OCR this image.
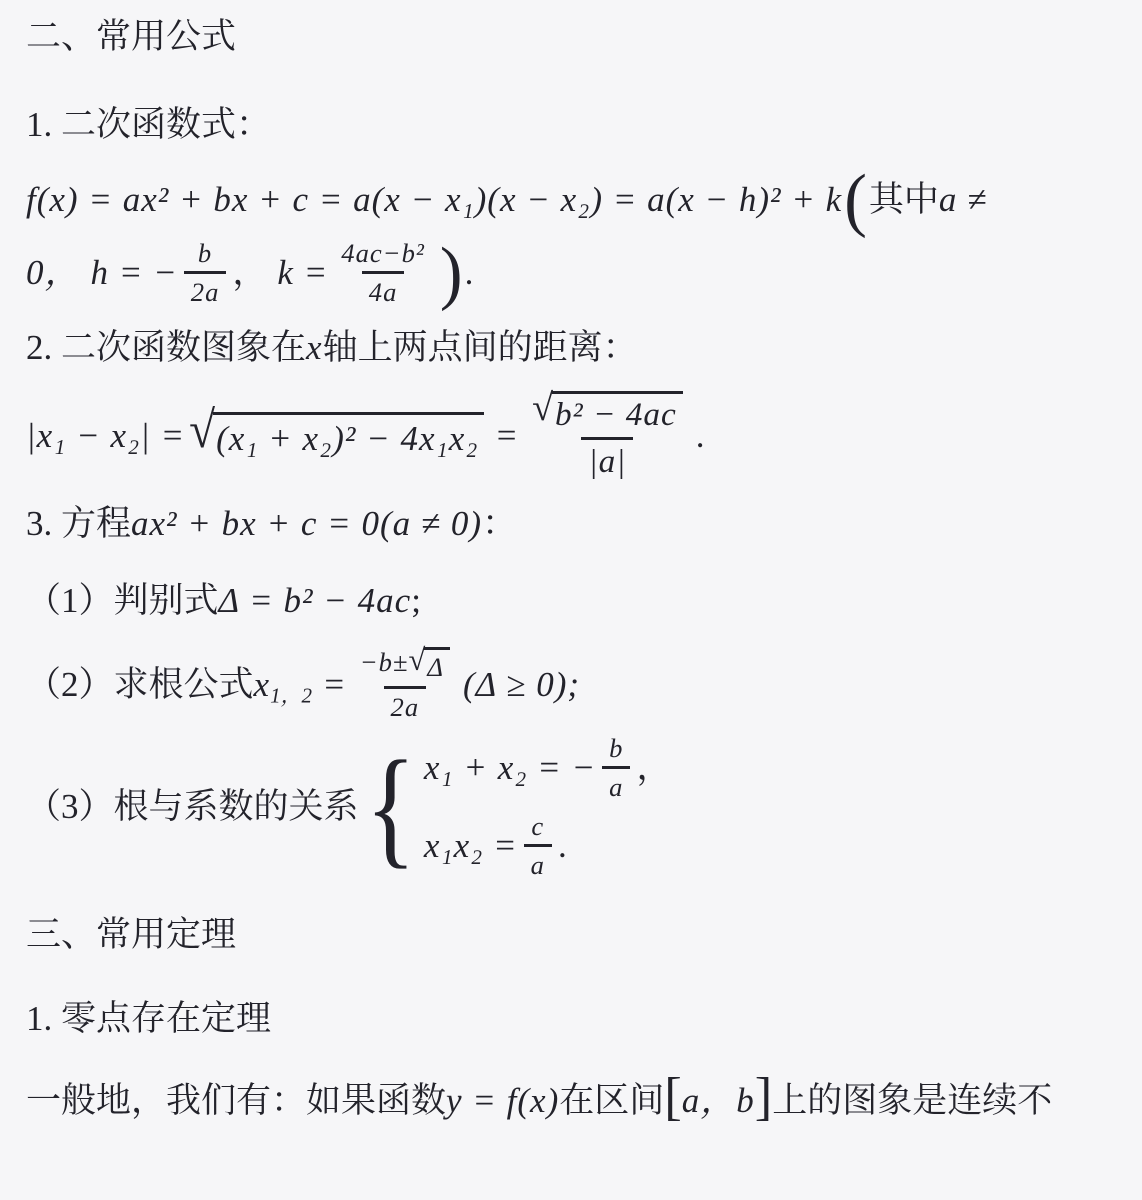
二、常用公式
1. 二次函数式：
f(x) = ax² + bx + c = a(x − x₁)(x − x₂) = a(x − h)² + k ( 其中 a ≠
0， h = − $\frac{b}{2a}$ ， $k = \frac{\text{4ac−b²}}{4a}$ ) .
2. 二次函数图象在 x 轴上两点间的距离：
|x₁ − x₂| = √ $(x_1 + x_2)^2 - 4x_1x_2 = \frac{\text{√ b² − 4ac}}{|a|}$ .
3. 方程 ax² + bx + c = 0(a ≠ 0) ：
（1）判别式 Δ = b² − 4ac ;
（2）求根公式 x 1，$2 = \frac{-b\pm √ \Delta}{2a} (\Delta \ge 0)$;
（3）根与系数的关系 { x₁ + x₂ = − $\frac{b}{a}$ ，
$x_1x_2 = \frac{c}{a}$ .
三、常用定理
1. 零点存在定理
一般地，我们有：如果函数 y = f(x) 在区间 [ a，b ] 上的图象是连续不
